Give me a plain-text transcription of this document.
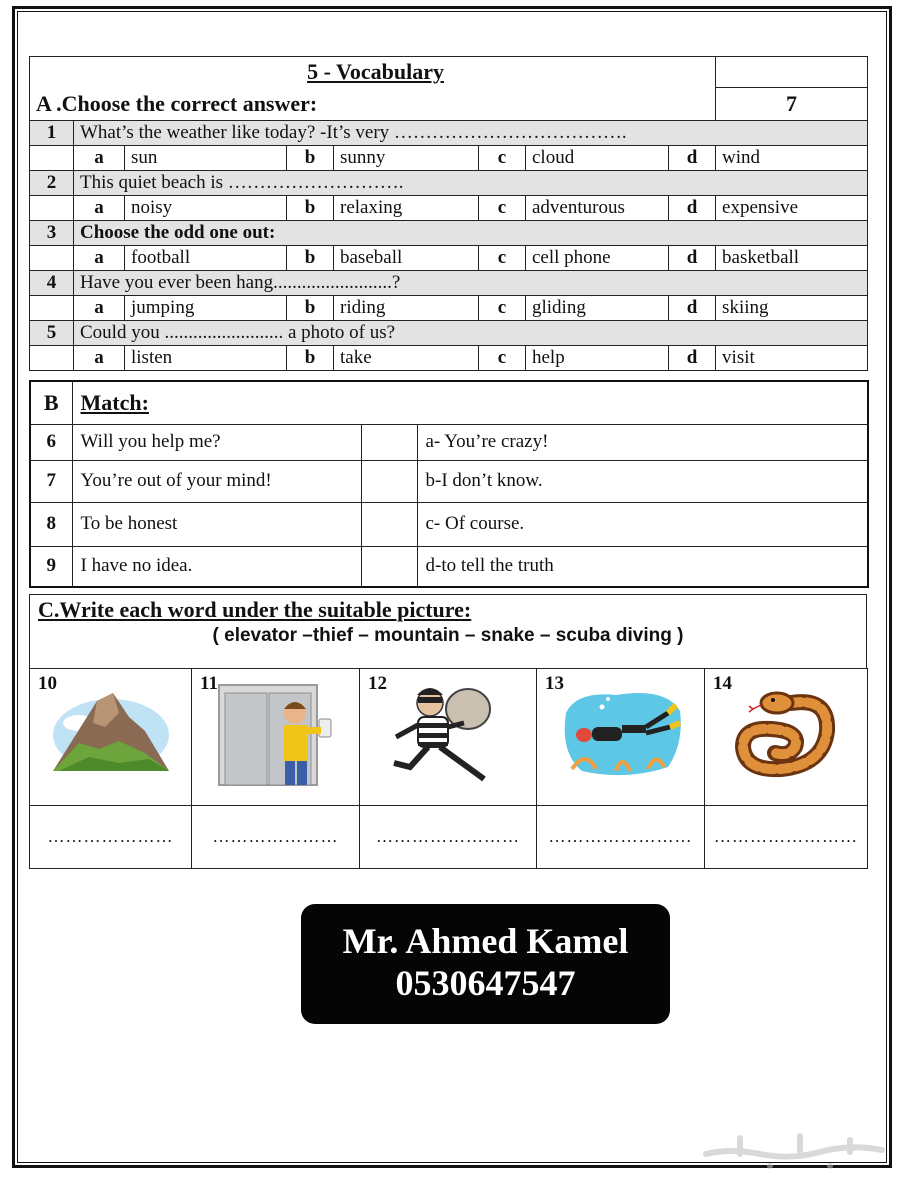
5 - Vocabulary								
A .Choose the correct answer:								7
1	What’s the weather like today? -It’s very ……………………………….							
	a	sun	b	sunny	c	cloud	d	wind
2	This quiet beach is ……………………….							
	a	noisy	b	relaxing	c	adventurous	d	expensive
3	Choose the odd one out:							
	a	football	b	baseball	c	cell phone	d	basketball
4	Have you ever been hang.........................?							
	a	jumping	b	riding	c	gliding	d	skiing
5	Could you ......................... a photo of us?							
	a	listen	b	take	c	help	d	visit
B	Match:		
6	Will you help me?		a- You’re crazy!
7	You’re out of your mind!		b-I don’t know.
8	To be honest		c- Of course.
9	I have no idea.		d-to tell the truth
C.Write each word under the suitable picture:
( elevator –thief – mountain – snake – scuba diving )
10	11	12	13	14

…………………	…………………	……………………	……………………	……………………
Mr. Ahmed Kamel
0530647547
